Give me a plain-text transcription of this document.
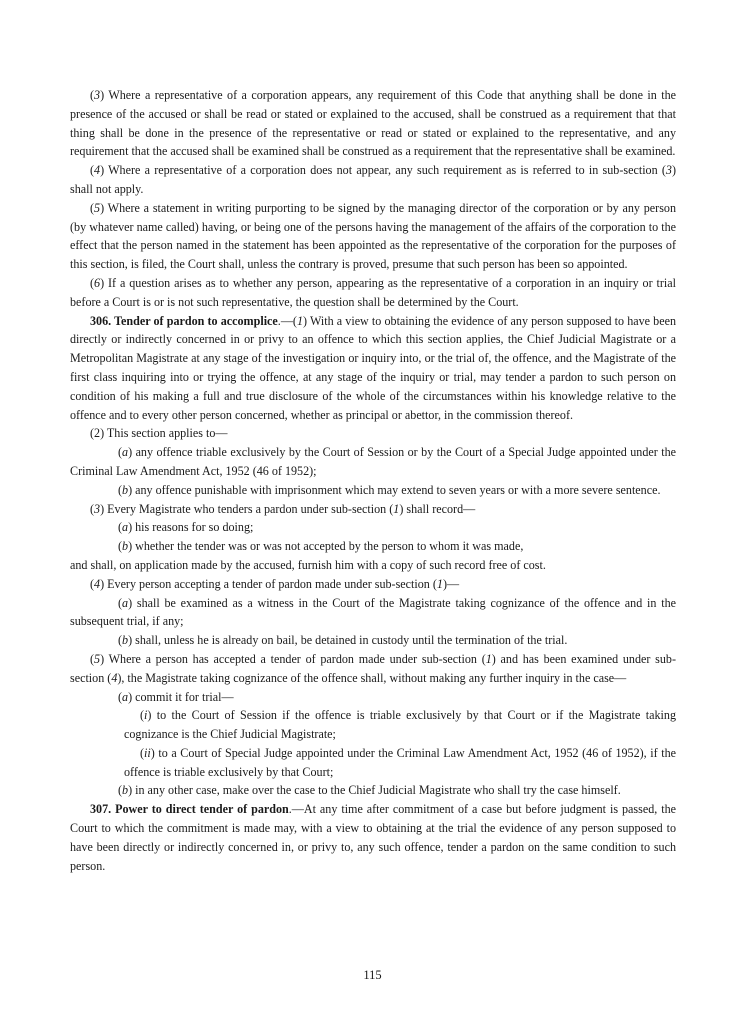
(3) Where a representative of a corporation appears, any requirement of this Code that anything shall be done in the presence of the accused or shall be read or stated or explained to the accused, shall be construed as a requirement that that thing shall be done in the presence of the representative or read or stated or explained to the representative, and any requirement that the accused shall be examined shall be construed as a requirement that the representative shall be examined.

(4) Where a representative of a corporation does not appear, any such requirement as is referred to in sub-section (3) shall not apply.

(5) Where a statement in writing purporting to be signed by the managing director of the corporation or by any person (by whatever name called) having, or being one of the persons having the management of the affairs of the corporation to the effect that the person named in the statement has been appointed as the representative of the corporation for the purposes of this section, is filed, the Court shall, unless the contrary is proved, presume that such person has been so appointed.

(6) If a question arises as to whether any person, appearing as the representative of a corporation in an inquiry or trial before a Court is or is not such representative, the question shall be determined by the Court.

306. Tender of pardon to accomplice.—(1) With a view to obtaining the evidence of any person supposed to have been directly or indirectly concerned in or privy to an offence to which this section applies, the Chief Judicial Magistrate or a Metropolitan Magistrate at any stage of the investigation or inquiry into, or the trial of, the offence, and the Magistrate of the first class inquiring into or trying the offence, at any stage of the inquiry or trial, may tender a pardon to such person on condition of his making a full and true disclosure of the whole of the circumstances within his knowledge relative to the offence and to every other person concerned, whether as principal or abettor, in the commission thereof.

(2) This section applies to—

(a) any offence triable exclusively by the Court of Session or by the Court of a Special Judge appointed under the Criminal Law Amendment Act, 1952 (46 of 1952);

(b) any offence punishable with imprisonment which may extend to seven years or with a more severe sentence.

(3) Every Magistrate who tenders a pardon under sub-section (1) shall record—

(a) his reasons for so doing;

(b) whether the tender was or was not accepted by the person to whom it was made,

and shall, on application made by the accused, furnish him with a copy of such record free of cost.

(4) Every person accepting a tender of pardon made under sub-section (1)—

(a) shall be examined as a witness in the Court of the Magistrate taking cognizance of the offence and in the subsequent trial, if any;

(b) shall, unless he is already on bail, be detained in custody until the termination of the trial.

(5) Where a person has accepted a tender of pardon made under sub-section (1) and has been examined under sub-section (4), the Magistrate taking cognizance of the offence shall, without making any further inquiry in the case—

(a) commit it for trial—

(i) to the Court of Session if the offence is triable exclusively by that Court or if the Magistrate taking cognizance is the Chief Judicial Magistrate;

(ii) to a Court of Special Judge appointed under the Criminal Law Amendment Act, 1952 (46 of 1952), if the offence is triable exclusively by that Court;

(b) in any other case, make over the case to the Chief Judicial Magistrate who shall try the case himself.

307. Power to direct tender of pardon.—At any time after commitment of a case but before judgment is passed, the Court to which the commitment is made may, with a view to obtaining at the trial the evidence of any person supposed to have been directly or indirectly concerned in, or privy to, any such offence, tender a pardon on the same condition to such person.

115
